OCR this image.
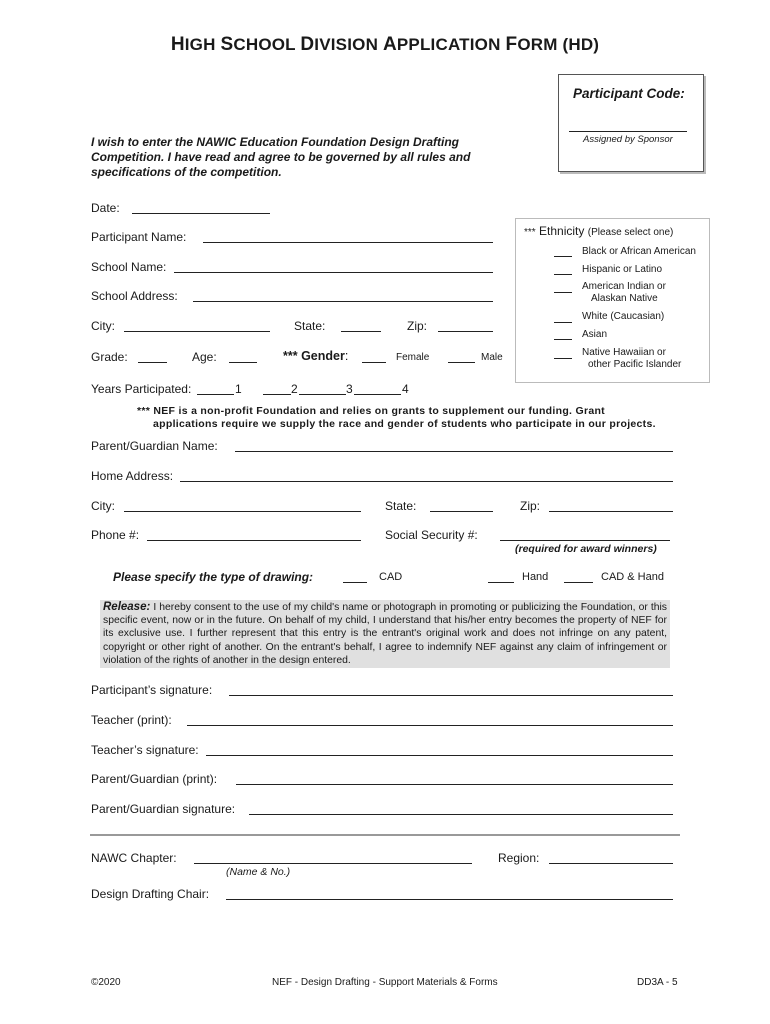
HIGH SCHOOL DIVISION APPLICATION FORM (HD)
Participant Code:
Assigned by Sponsor
I wish to enter the NAWIC Education Foundation Design Drafting
Competition. I have read and agree to be governed by all rules and
specifications of the competition.
Date:
Participant Name:
School Name:
School Address:
City:	State:	Zip:
Grade:	Age:	*** Gender:	Female	Male
*** Ethnicity (Please select one)
Black or African American
Hispanic or Latino
American Indian or
Alaskan Native
White (Caucasian)
Asian
Native Hawaiian or
other Pacific Islander
Years Participated:	1	2	3	4
*** NEF is a non-profit Foundation and relies on grants to supplement our funding. Grant
applications require we supply the race and gender of students who participate in our projects.
Parent/Guardian Name:
Home Address:
City:	State:	Zip:
Phone #:	Social Security #:
(required for award winners)
Please specify the type of drawing:	CAD	Hand	CAD & Hand

Release: I hereby consent to the use of my child's name or photograph in promoting or publicizing the Foundation, or this specific event, now or in the future. On behalf of my child, I understand that his/her entry becomes the property of NEF for its exclusive use. I further represent that this entry is the entrant's original work and does not infringe on any patent, copyright or other right of another. On the entrant's behalf, I agree to indemnify NEF against any claim of infringement or violation of the rights of another in the design entered.

Participant’s signature:
Teacher (print):
Teacher’s signature:
Parent/Guardian (print):
Parent/Guardian signature:
NAWC Chapter:
(Name & No.)
Region:
Design Drafting Chair:
©2020	NEF - Design Drafting - Support Materials & Forms	DD3A - 5
